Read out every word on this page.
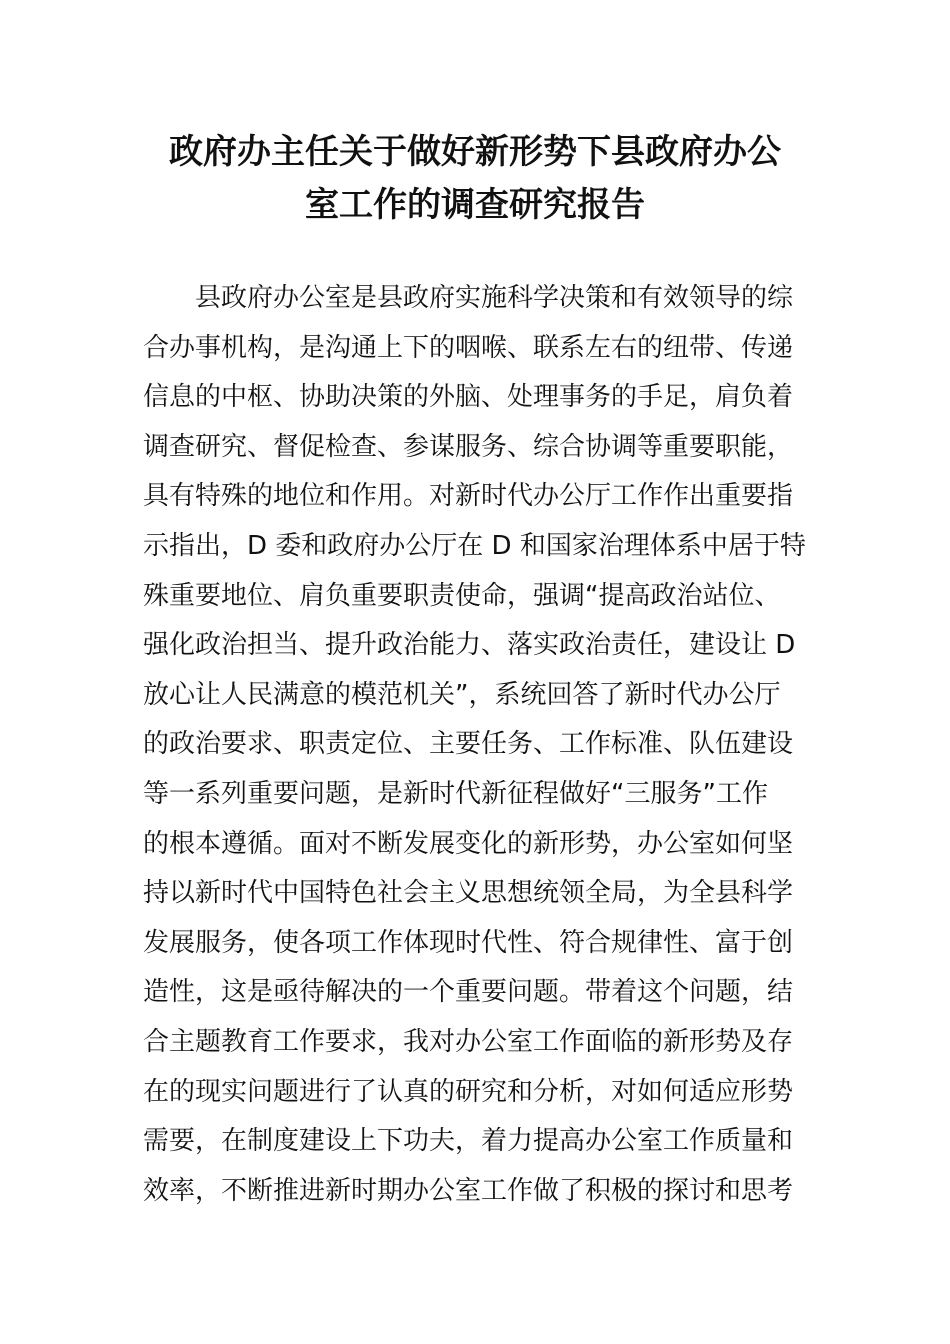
政府办主任关于做好新形势下县政府办公
室工作的调查研究报告
县政府办公室是县政府实施科学决策和有效领导的综
合办事机构，是沟通上下的咽喉、联系左右的纽带、传递
信息的中枢、协助决策的外脑、处理事务的手足，肩负着
调查研究、督促检查、参谋服务、综合协调等重要职能，
具有特殊的地位和作用。对新时代办公厅工作作出重要指
示指出，D 委和政府办公厅在 D 和国家治理体系中居于特
殊重要地位、肩负重要职责使命，强调“提高政治站位、
强化政治担当、提升政治能力、落实政治责任，建设让 D
放心让人民满意的模范机关”，系统回答了新时代办公厅
的政治要求、职责定位、主要任务、工作标准、队伍建设
等一系列重要问题，是新时代新征程做好“三服务”工作
的根本遵循。面对不断发展变化的新形势，办公室如何坚
持以新时代中国特色社会主义思想统领全局，为全县科学
发展服务，使各项工作体现时代性、符合规律性、富于创
造性，这是亟待解决的一个重要问题。带着这个问题，结
合主题教育工作要求，我对办公室工作面临的新形势及存
在的现实问题进行了认真的研究和分析，对如何适应形势
需要，在制度建设上下功夫，着力提高办公室工作质量和
效率，不断推进新时期办公室工作做了积极的探讨和思考
